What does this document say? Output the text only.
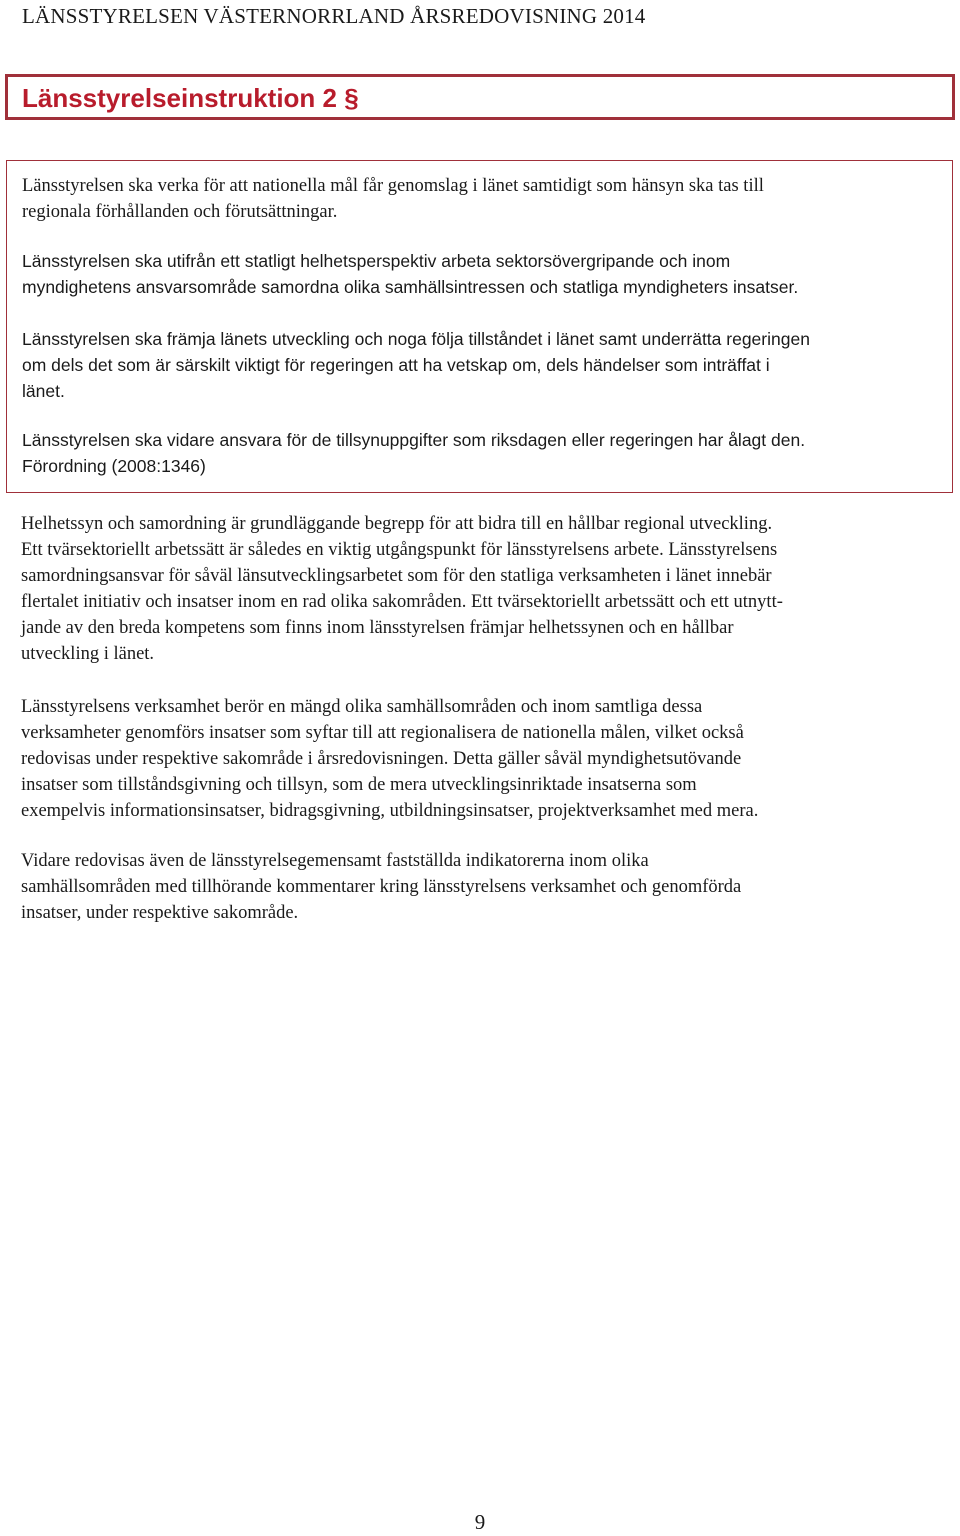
LÄNSSTYRELSEN VÄSTERNORRLAND ÅRSREDOVISNING 2014
Länsstyrelseinstruktion 2 §

Länsstyrelsen ska verka för att nationella mål får genomslag i länet samtidigt som hänsyn ska tas till
regionala förhållanden och förutsättningar.

Länsstyrelsen ska utifrån ett statligt helhetsperspektiv arbeta sektorsövergripande och inom
myndighetens ansvarsområde samordna olika samhällsintressen och statliga myndigheters insatser.

Länsstyrelsen ska främja länets utveckling och noga följa tillståndet i länet samt underrätta regeringen
om dels det som är särskilt viktigt för regeringen att ha vetskap om, dels händelser som inträffat i
länet.

Länsstyrelsen ska vidare ansvara för de tillsynuppgifter som riksdagen eller regeringen har ålagt den.
Förordning (2008:1346)

Helhetssyn och samordning är grundläggande begrepp för att bidra till en hållbar regional utveckling.
Ett tvärsektoriellt arbetssätt är således en viktig utgångspunkt för länsstyrelsens arbete. Länsstyrelsens
samordningsansvar för såväl länsutvecklingsarbetet som för den statliga verksamheten i länet innebär
flertalet initiativ och insatser inom en rad olika sakområden. Ett tvärsektoriellt arbetssätt och ett utnytt-
jande av den breda kompetens som finns inom länsstyrelsen främjar helhetssynen och en hållbar
utveckling i länet.

Länsstyrelsens verksamhet berör en mängd olika samhällsområden och inom samtliga dessa
verksamheter genomförs insatser som syftar till att regionalisera de nationella målen, vilket också
redovisas under respektive sakområde i årsredovisningen. Detta gäller såväl myndighetsutövande
insatser som tillståndsgivning och tillsyn, som de mera utvecklingsinriktade insatserna som
exempelvis informationsinsatser, bidragsgivning, utbildningsinsatser, projektverksamhet med mera.

Vidare redovisas även de länsstyrelsegemensamt fastställda indikatorerna inom olika
samhällsområden med tillhörande kommentarer kring länsstyrelsens verksamhet och genomförda
insatser, under respektive sakområde.

9
